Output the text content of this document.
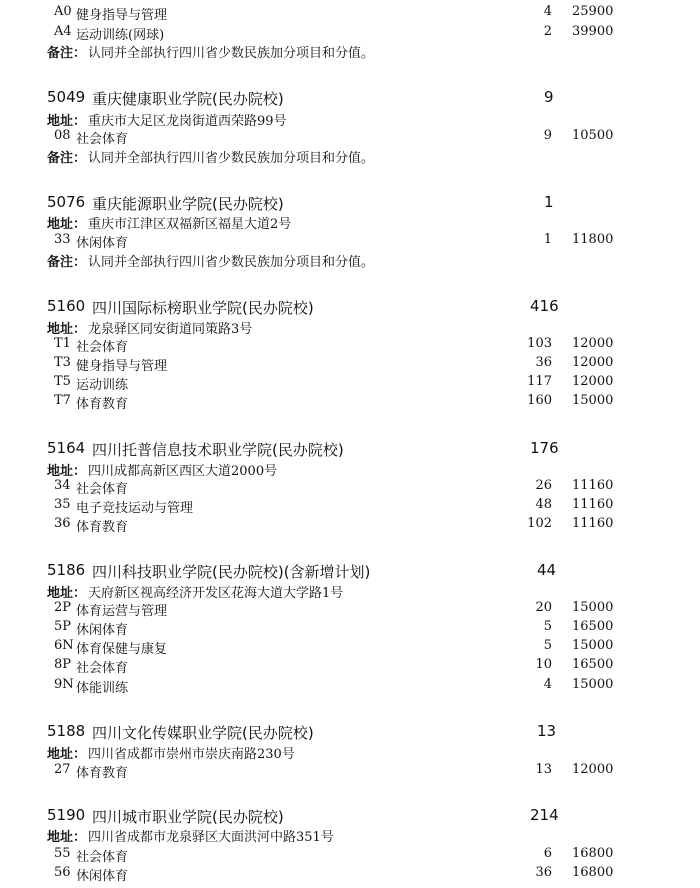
A0 健身指导与管理	4 25900
A4 运动训练(网球)	2 39900
备注： 认同并全部执行四川省少数民族加分项目和分值。
5049 重庆健康职业学院(民办院校)	9
地址： 重庆市大足区龙岗街道西荣路99号
08 社会体育	9 10500
备注： 认同并全部执行四川省少数民族加分项目和分值。
5076 重庆能源职业学院(民办院校)	1
地址： 重庆市江津区双福新区福星大道2号
33 休闲体育	1 11800
备注： 认同并全部执行四川省少数民族加分项目和分值。
5160 四川国际标榜职业学院(民办院校)	416
地址： 龙泉驿区同安街道同策路3号
T1 社会体育	103 12000
T3 健身指导与管理	36 12000
T5 运动训练	117 12000
T7 体育教育	160 15000
5164 四川托普信息技术职业学院(民办院校)	176
地址： 四川成都高新区西区大道2000号
34 社会体育	26 11160
35 电子竞技运动与管理	48 11160
36 体育教育	102 11160
5186 四川科技职业学院(民办院校)(含新增计划)	44
地址： 天府新区视高经济开发区花海大道大学路1号
2P 体育运营与管理	20 15000
5P 休闲体育	5 16500
6N 体育保健与康复	5 15000
8P 社会体育	10 16500
9N 体能训练	4 15000
5188 四川文化传媒职业学院(民办院校)	13
地址： 四川省成都市崇州市崇庆南路230号
27 体育教育	13 12000
5190 四川城市职业学院(民办院校)	214
地址： 四川省成都市龙泉驿区大面洪河中路351号
55 社会体育	6 16800
56 休闲体育	36 16800
